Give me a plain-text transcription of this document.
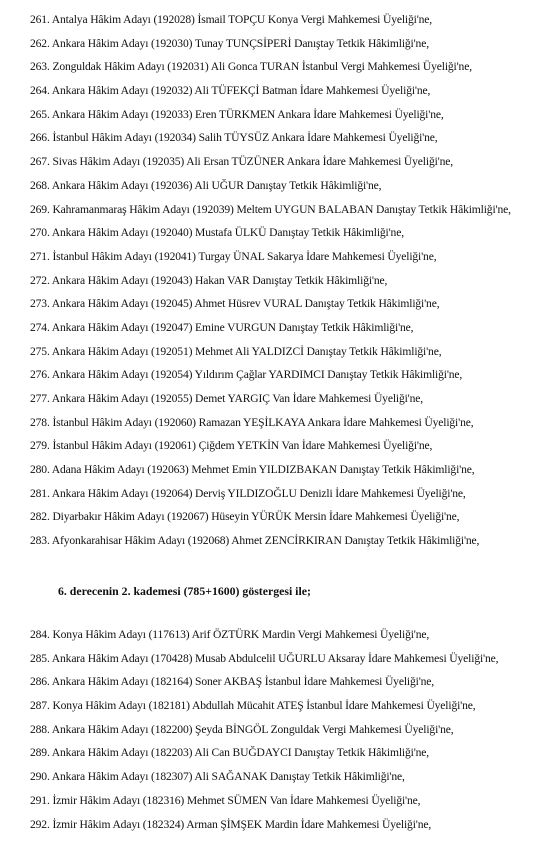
261. Antalya Hâkim Adayı (192028) İsmail TOPÇU Konya Vergi Mahkemesi Üyeliği'ne,
262. Ankara Hâkim Adayı (192030) Tunay TUNÇSİPERİ Danıştay Tetkik Hâkimliği'ne,
263. Zonguldak Hâkim Adayı (192031) Ali Gonca TURAN İstanbul Vergi Mahkemesi Üyeliği'ne,
264. Ankara Hâkim Adayı (192032) Ali TÜFEKÇİ Batman İdare Mahkemesi Üyeliği'ne,
265. Ankara Hâkim Adayı (192033) Eren TÜRKMEN Ankara İdare Mahkemesi Üyeliği'ne,
266. İstanbul Hâkim Adayı (192034) Salih TÜYSÜZ Ankara İdare Mahkemesi Üyeliği'ne,
267. Sivas Hâkim Adayı (192035) Ali Ersan TÜZÜNER Ankara İdare Mahkemesi Üyeliği'ne,
268. Ankara Hâkim Adayı (192036) Ali UĞUR Danıştay Tetkik Hâkimliği'ne,
269. Kahramanmaraş Hâkim Adayı (192039) Meltem UYGUN BALABAN Danıştay Tetkik Hâkimliği'ne,
270. Ankara Hâkim Adayı (192040) Mustafa ÜLKÜ Danıştay Tetkik Hâkimliği'ne,
271. İstanbul Hâkim Adayı (192041) Turgay ÜNAL Sakarya İdare Mahkemesi Üyeliği'ne,
272. Ankara Hâkim Adayı (192043) Hakan VAR Danıştay Tetkik Hâkimliği'ne,
273. Ankara Hâkim Adayı (192045) Ahmet Hüsrev VURAL Danıştay Tetkik Hâkimliği'ne,
274. Ankara Hâkim Adayı (192047) Emine VURGUN Danıştay Tetkik Hâkimliği'ne,
275. Ankara Hâkim Adayı (192051) Mehmet Ali YALDIZCİ Danıştay Tetkik Hâkimliği'ne,
276. Ankara Hâkim Adayı (192054) Yıldırım Çağlar YARDIMCI Danıştay Tetkik Hâkimliği'ne,
277. Ankara Hâkim Adayı (192055) Demet YARGIÇ Van İdare Mahkemesi Üyeliği'ne,
278. İstanbul Hâkim Adayı (192060) Ramazan YEŞİLKAYA Ankara İdare Mahkemesi Üyeliği'ne,
279. İstanbul Hâkim Adayı (192061) Çiğdem YETKİN Van İdare Mahkemesi Üyeliği'ne,
280. Adana Hâkim Adayı (192063) Mehmet Emin YILDIZBAKAN Danıştay Tetkik Hâkimliği'ne,
281. Ankara Hâkim Adayı (192064) Derviş YILDIZOĞLU Denizli İdare Mahkemesi Üyeliği'ne,
282. Diyarbakır Hâkim Adayı (192067) Hüseyin YÜRÜK Mersin İdare Mahkemesi Üyeliği'ne,
283. Afyonkarahisar Hâkim Adayı (192068) Ahmet ZENCİRKIRAN Danıştay Tetkik Hâkimliği'ne,
6. derecenin 2. kademesi (785+1600) göstergesi ile;
284. Konya Hâkim Adayı (117613) Arif ÖZTÜRK Mardin Vergi Mahkemesi Üyeliği'ne,
285. Ankara Hâkim Adayı (170428) Musab Abdulcelil UĞURLU Aksaray İdare Mahkemesi Üyeliği'ne,
286. Ankara Hâkim Adayı (182164) Soner AKBAŞ İstanbul İdare Mahkemesi Üyeliği'ne,
287. Konya Hâkim Adayı (182181) Abdullah Mücahit ATEŞ İstanbul İdare Mahkemesi Üyeliği'ne,
288. Ankara Hâkim Adayı (182200) Şeyda BİNGÖL Zonguldak Vergi Mahkemesi Üyeliği'ne,
289. Ankara Hâkim Adayı (182203) Ali Can BUĞDAYCI Danıştay Tetkik Hâkimliği'ne,
290. Ankara Hâkim Adayı (182307) Ali SAĞANAK Danıştay Tetkik Hâkimliği'ne,
291. İzmir Hâkim Adayı (182316) Mehmet SÜMEN Van İdare Mahkemesi Üyeliği'ne,
292. İzmir Hâkim Adayı (182324) Arman ŞİMŞEK Mardin İdare Mahkemesi Üyeliği'ne,
